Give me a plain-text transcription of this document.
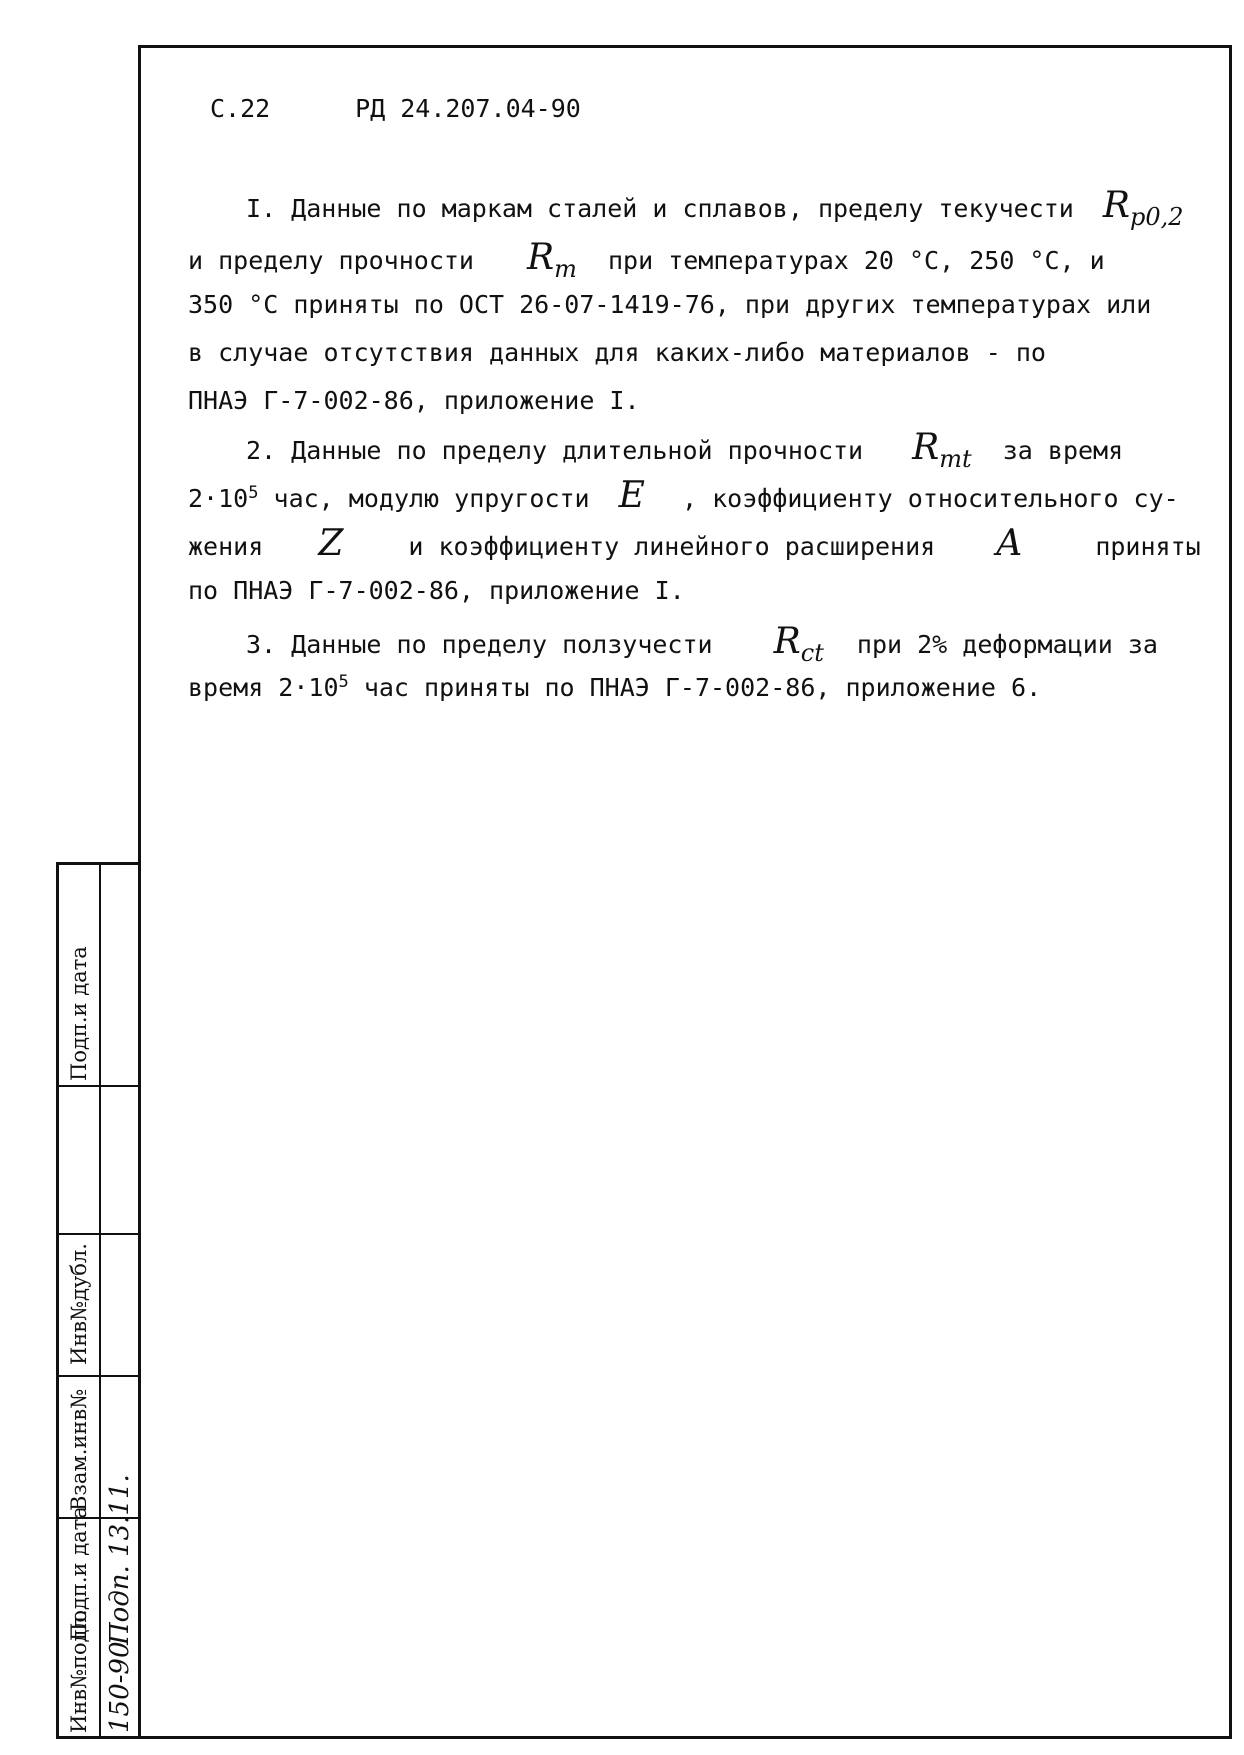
С.22	РД 24.207.04-90
I. Данные по маркам сталей и сплавов, пределу текучести $R_{p0,2}$
и пределу прочности $R_m$ при температурах 20 °С, 250 °С, и
350 °С приняты по ОСТ 26-07-1419-76, при других температурах или
в случае отсутствия данных для каких-либо материалов - по
ПНАЭ Г-7-002-86, приложение I.
2. Данные по пределу длительной прочности $R_{mt}$ за время
$2\cdot 10^5$ час, модулю упругости E , коэффициенту относительного су-
жения Z	и коэффициенту линейного расширения A	приняты
по ПНАЭ Г-7-002-86, приложение I.
3. Данные по пределу ползучести $R_{ct}$ при 2% деформации за
время $2\cdot 10^5$ час приняты по ПНАЭ Г-7-002-86, приложение 6.
Инв№подл.
Подп.и дата
Взам.инв№
Инв№дубл.
Подп.и дата
150-90
Подп. 13.11.
